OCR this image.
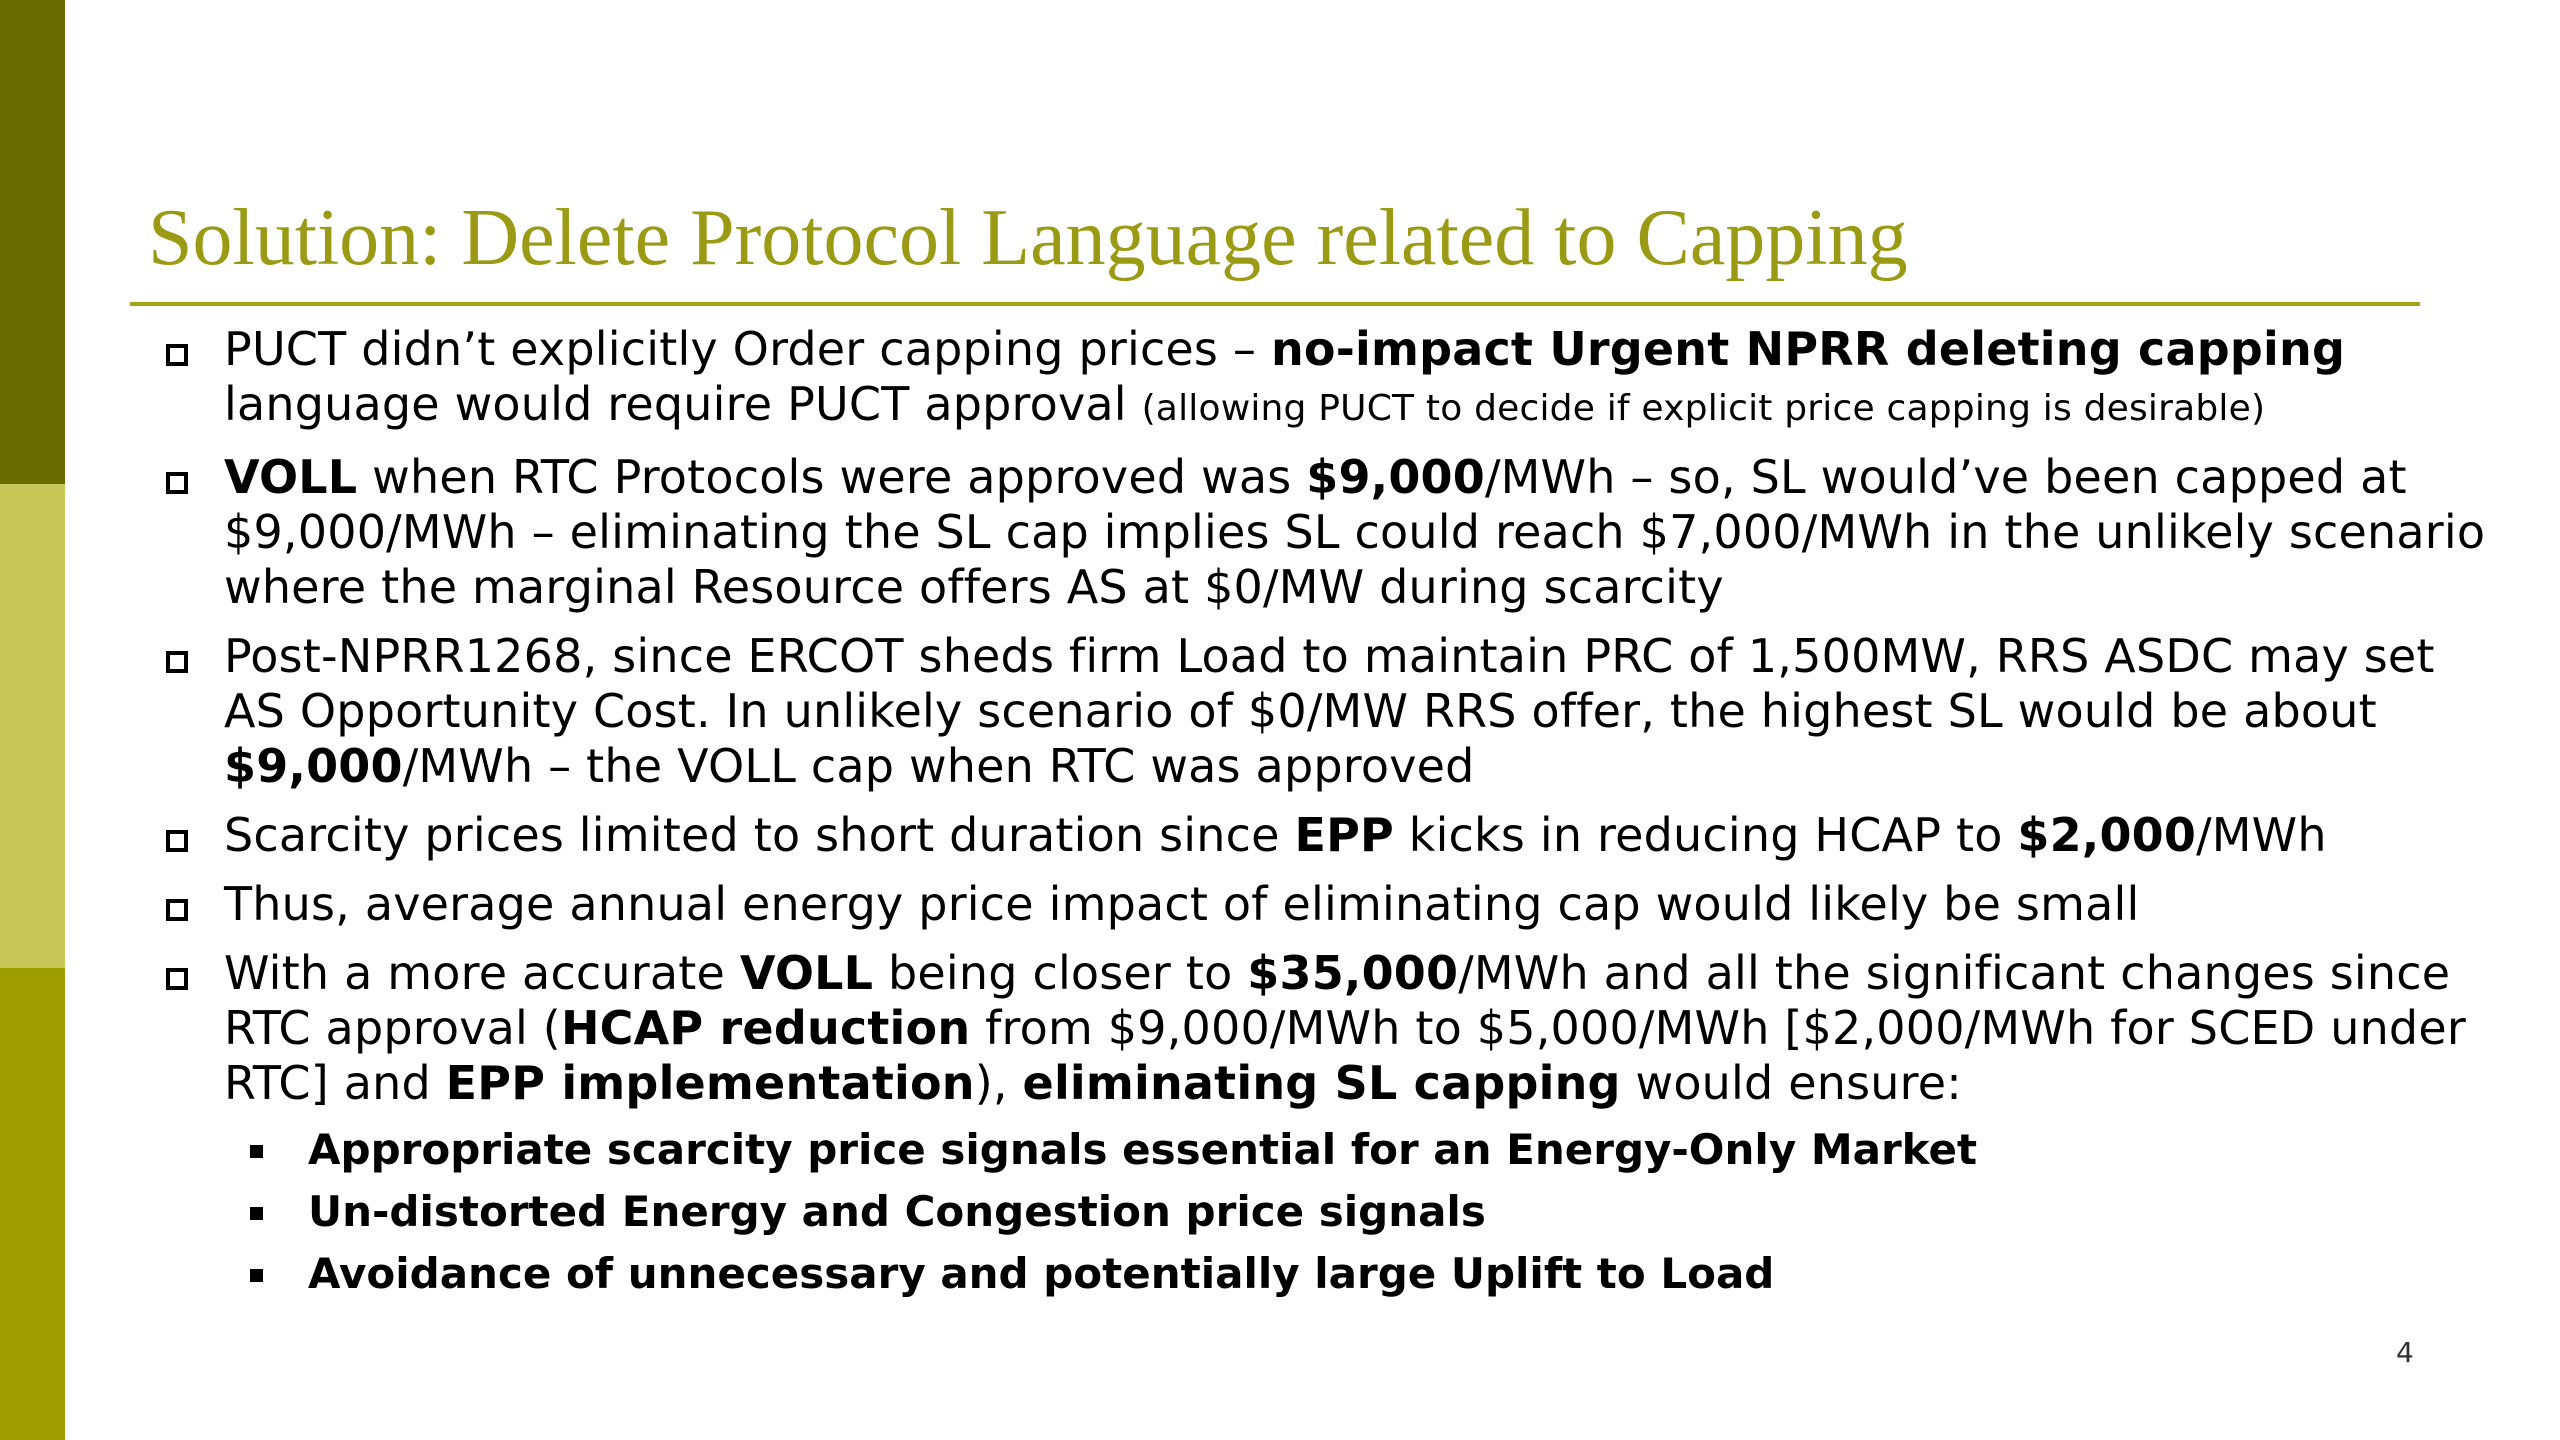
Solution: Delete Protocol Language related to Capping
PUCT didn’t explicitly Order capping prices – no-impact Urgent NPRR deleting capping language would require PUCT approval (allowing PUCT to decide if explicit price capping is desirable)
VOLL when RTC Protocols were approved was $9,000/MWh – so, SL would’ve been capped at $9,000/MWh – eliminating the SL cap implies SL could reach $7,000/MWh in the unlikely scenario where the marginal Resource offers AS at $0/MW during scarcity
Post-NPRR1268, since ERCOT sheds firm Load to maintain PRC of 1,500MW, RRS ASDC may set AS Opportunity Cost. In unlikely scenario of $0/MW RRS offer, the highest SL would be about $9,000/MWh – the VOLL cap when RTC was approved
Scarcity prices limited to short duration since EPP kicks in reducing HCAP to $2,000/MWh
Thus, average annual energy price impact of eliminating cap would likely be small
With a more accurate VOLL being closer to $35,000/MWh and all the significant changes since RTC approval (HCAP reduction from $9,000/MWh to $5,000/MWh [$2,000/MWh for SCED under RTC] and EPP implementation), eliminating SL capping would ensure:
Appropriate scarcity price signals essential for an Energy-Only Market
Un-distorted Energy and Congestion price signals
Avoidance of unnecessary and potentially large Uplift to Load
4
